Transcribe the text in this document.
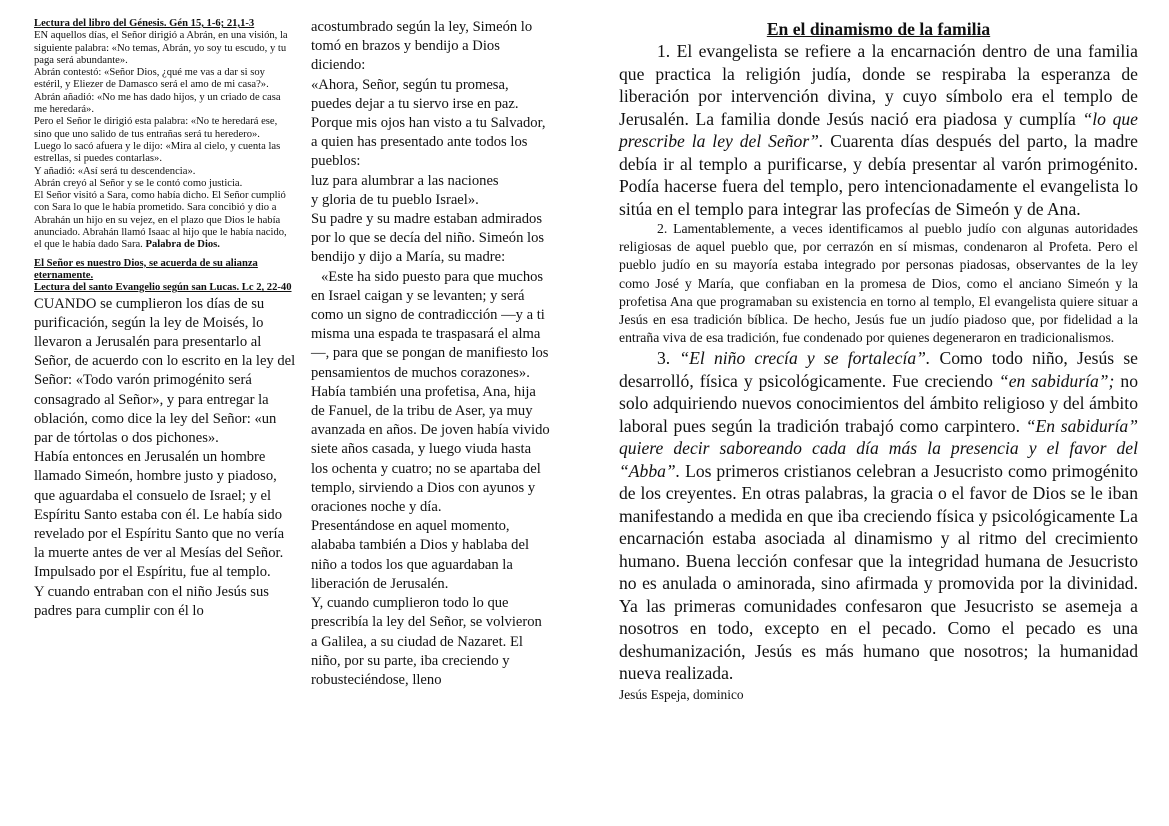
Lectura del libro del Génesis. Gén 15, 1-6; 21,1-3

EN aquellos días, el Señor dirigió a Abrán, en una visión, la siguiente palabra: «No temas, Abrán, yo soy tu escudo, y tu paga será abundante».

Abrán contestó: «Señor Dios, ¿qué me vas a dar si soy estéril, y Eliezer de Damasco será el amo de mi casa?».

Abrán añadió: «No me has dado hijos, y un criado de casa me heredará».

Pero el Señor le dirigió esta palabra: «No te heredará ese, sino que uno salido de tus entrañas será tu heredero».

Luego lo sacó afuera y le dijo: «Mira al cielo, y cuenta las estrellas, si puedes contarlas».

Y añadió: «Así será tu descendencia».

Abrán creyó al Señor y se le contó como justicia.

El Señor visitó a Sara, como había dicho. El Señor cumplió con Sara lo que le había prometido. Sara concibió y dio a Abrahán un hijo en su vejez, en el plazo que Dios le había anunciado. Abrahán llamó Isaac al hijo que le había nacido, el que le había dado Sara. Palabra de Dios.

El Señor es nuestro Dios, se acuerda de su alianza eternamente.

Lectura del santo Evangelio según san Lucas. Lc 2, 22-40

CUANDO se cumplieron los días de su purificación, según la ley de Moisés, lo llevaron a Jerusalén para presentarlo al Señor, de acuerdo con lo escrito en la ley del Señor: «Todo varón primogénito será consagrado al Señor», y para entregar la oblación, como dice la ley del Señor: «un par de tórtolas o dos pichones».

Había entonces en Jerusalén un hombre llamado Simeón, hombre justo y piadoso, que aguardaba el consuelo de Israel; y el Espíritu Santo estaba con él. Le había sido revelado por el Espíritu Santo que no vería la muerte antes de ver al Mesías del Señor.

Impulsado por el Espíritu, fue al templo.

Y cuando entraban con el niño Jesús sus padres para cumplir con él lo

acostumbrado según la ley, Simeón lo tomó en brazos y bendijo a Dios diciendo:

«Ahora, Señor, según tu promesa, puedes dejar a tu siervo irse en paz. Porque mis ojos han visto a tu Salvador,

a quien has presentado ante todos los pueblos:

luz para alumbrar a las naciones

y gloria de tu pueblo Israel».

Su padre y su madre estaban admirados por lo que se decía del niño. Simeón los bendijo y dijo a María, su madre:

«Este ha sido puesto para que muchos en Israel caigan y se levanten; y será como un signo de contradicción —y a ti misma una espada te traspasará el alma—, para que se pongan de manifiesto los pensamientos de muchos corazones».

Había también una profetisa, Ana, hija de Fanuel, de la tribu de Aser, ya muy avanzada en años. De joven había vivido siete años casada, y luego viuda hasta los ochenta y cuatro; no se apartaba del templo, sirviendo a Dios con ayunos y oraciones noche y día.

Presentándose en aquel momento, alababa también a Dios y hablaba del niño a todos los que aguardaban la liberación de Jerusalén.

Y, cuando cumplieron todo lo que prescribía la ley del Señor, se volvieron a Galilea, a su ciudad de Nazaret. El niño, por su parte, iba creciendo y robusteciéndose, lleno

En el dinamismo de la familia

1. El evangelista se refiere a la encarnación dentro de una familia que practica la religión judía, donde se respiraba la esperanza de liberación por intervención divina, y cuyo símbolo era el templo de Jerusalén. La familia donde Jesús nació era piadosa y cumplía “lo que prescribe la ley del Señor”. Cuarenta días después del parto, la madre debía ir al templo a purificarse, y debía presentar al varón primogénito. Podía hacerse fuera del templo, pero intencionadamente el evangelista lo sitúa en el templo para integrar las profecías de Simeón y de Ana.

2. Lamentablemente, a veces identificamos al pueblo judío con algunas autoridades religiosas de aquel pueblo que, por cerrazón en sí mismas, condenaron al Profeta. Pero el pueblo judío en su mayoría estaba integrado por personas piadosas, observantes de la ley como José y María, que confiaban en la promesa de Dios, como el anciano Simeón y la profetisa Ana que programaban su existencia en torno al templo, El evangelista quiere situar a Jesús en esa tradición bíblica. De hecho, Jesús fue un judío piadoso que, por fidelidad a la entraña viva de esa tradición, fue condenado por quienes degeneraron en tradicionalismos.

3. “El niño crecía y se fortalecía”. Como todo niño, Jesús se desarrolló, física y psicológicamente. Fue creciendo “en sabiduría”; no solo adquiriendo nuevos conocimientos del ámbito religioso y del ámbito laboral pues según la tradición trabajó como carpintero. “En sabiduría” quiere decir saboreando cada día más la presencia y el favor del “Abba”. Los primeros cristianos celebran a Jesucristo como primogénito de los creyentes. En otras palabras, la gracia o el favor de Dios se le iban manifestando a medida en que iba creciendo física y psicológicamente La encarnación estaba asociada al dinamismo y al ritmo del crecimiento humano. Buena lección confesar que la integridad humana de Jesucristo no es anulada o aminorada, sino afirmada y promovida por la divinidad. Ya las primeras comunidades confesaron que Jesucristo se asemeja a nosotros en todo, excepto en el pecado. Como el pecado es una deshumanización, Jesús es más humano que nosotros; la humanidad nueva realizada.

Jesús Espeja, dominico
